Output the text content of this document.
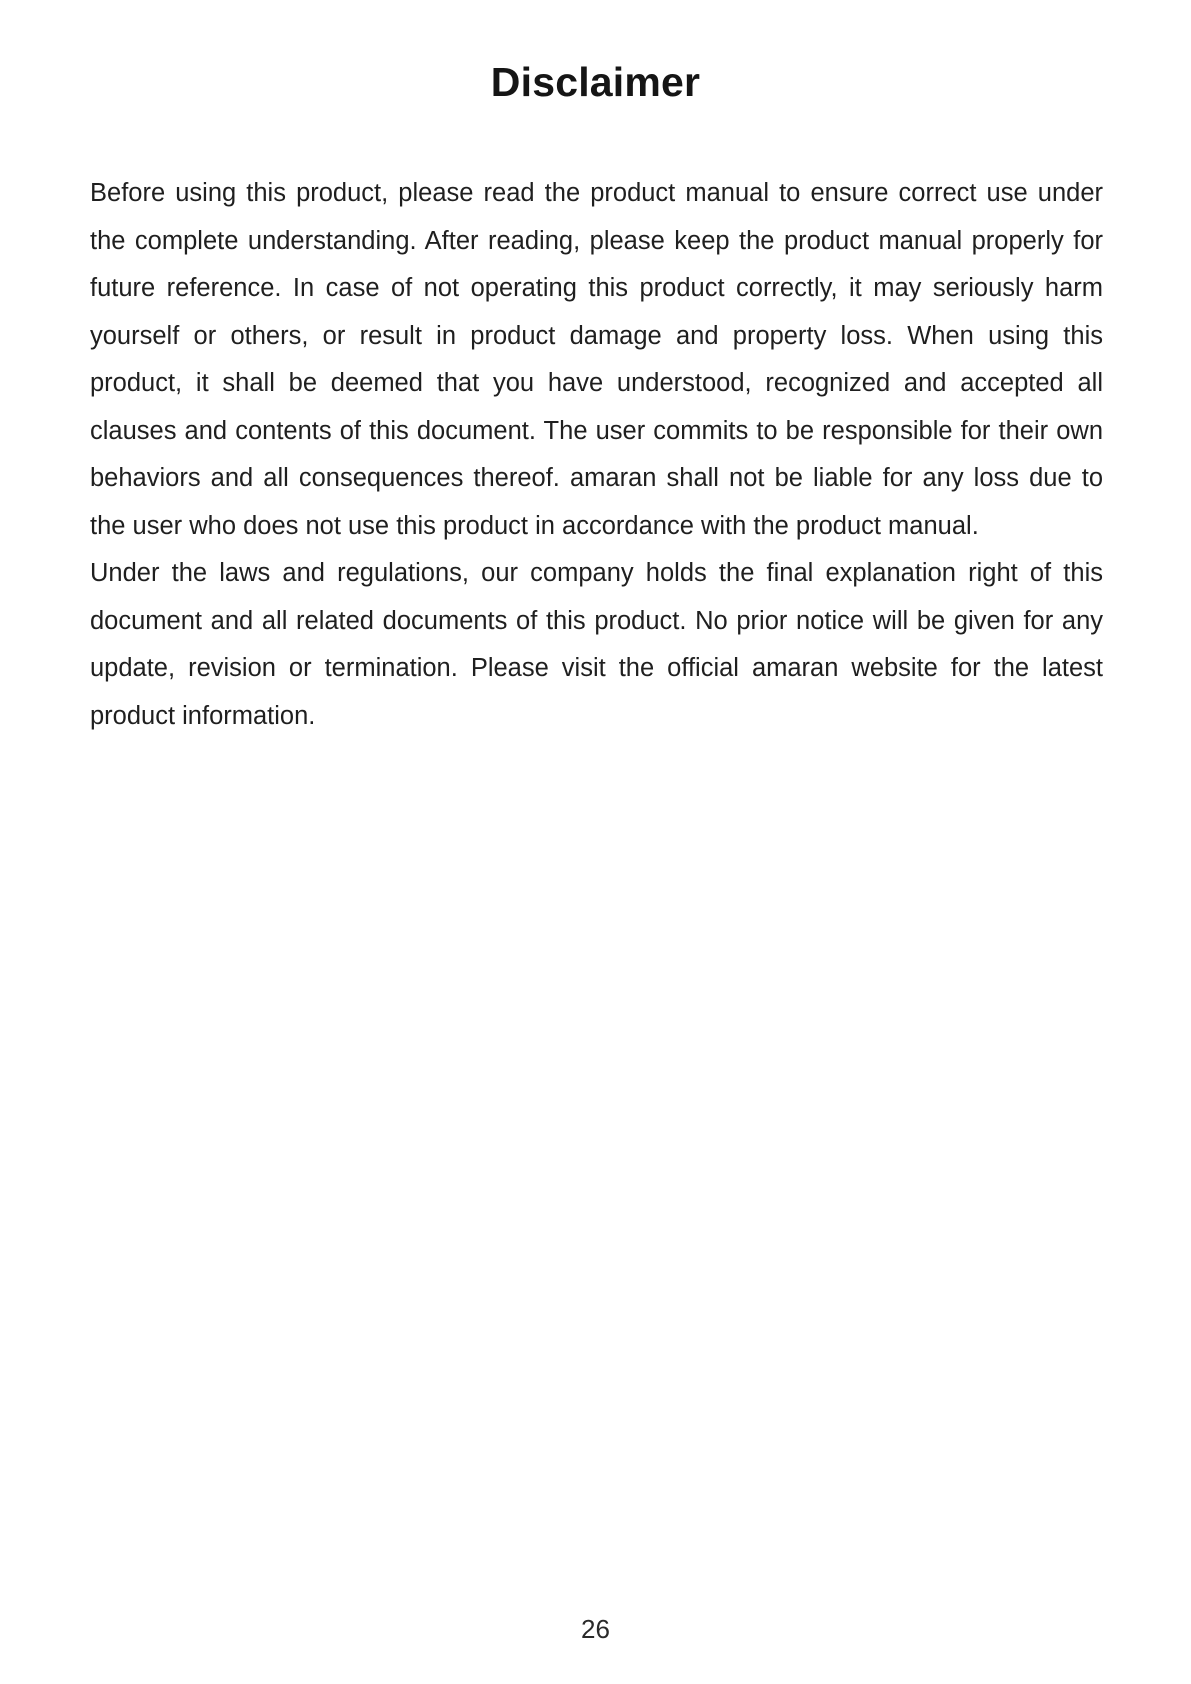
Disclaimer

Before using this product, please read the product manual to ensure correct use under the complete understanding. After reading, please keep the product manual properly for future reference. In case of not operating this product correctly, it may seriously harm yourself or others, or result in product damage and property loss. When using this product, it shall be deemed that you have understood, recognized and accepted all clauses and contents of this document. The user commits to be responsible for their own behaviors and all consequences thereof. amaran shall not be liable for any loss due to the user who does not use this product in accordance with the product manual.

Under the laws and regulations, our company holds the final explanation right of this document and all related documents of this product. No prior notice will be given for any update, revision or termination. Please visit the official amaran website for the latest product information.

26
